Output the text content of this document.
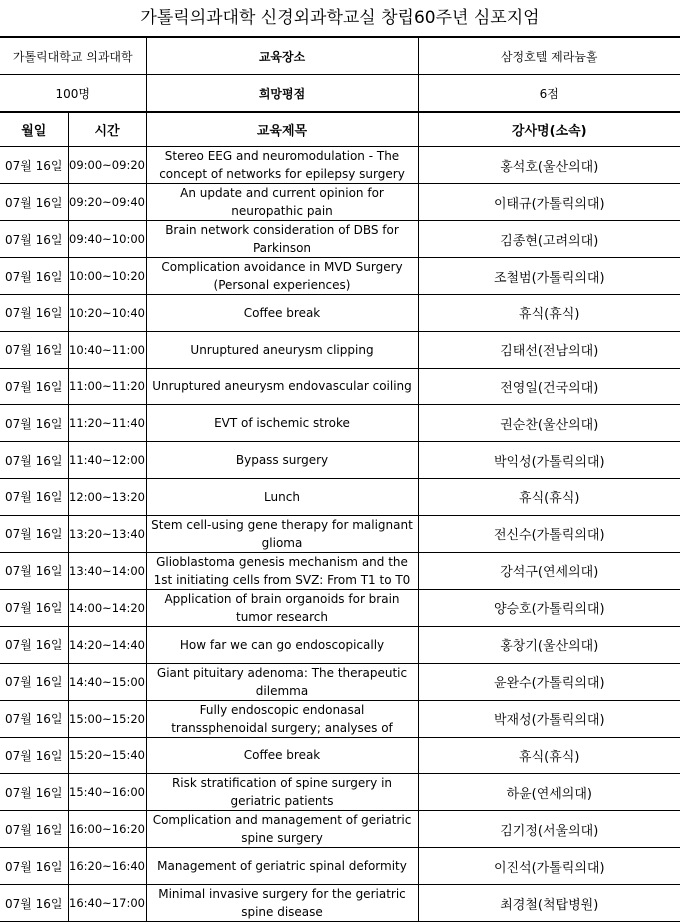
가톨릭의과대학 신경외과학교실 창립60주년 심포지엄
가톨릭대학교 의과대학	교육장소	삼정호텔 제라늄홀
100명	희망평점	6점
월일	시간	교육제목	강사명(소속)
07월 16일	09:00~09:20	Stereo EEG and neuromodulation - The concept of networks for epilepsy surgery	홍석호(울산의대)
07월 16일	09:20~09:40	An update and current opinion for neuropathic pain	이태규(가톨릭의대)
07월 16일	09:40~10:00	Brain network consideration of DBS for Parkinson	김종현(고려의대)
07월 16일	10:00~10:20	Complication avoidance in MVD Surgery (Personal experiences)	조철범(가톨릭의대)
07월 16일	10:20~10:40	Coffee break	휴식(휴식)
07월 16일	10:40~11:00	Unruptured aneurysm clipping	김태선(전남의대)
07월 16일	11:00~11:20	Unruptured aneurysm endovascular coiling	전영일(건국의대)
07월 16일	11:20~11:40	EVT of ischemic stroke	권순찬(울산의대)
07월 16일	11:40~12:00	Bypass surgery	박익성(가톨릭의대)
07월 16일	12:00~13:20	Lunch	휴식(휴식)
07월 16일	13:20~13:40	Stem cell-using gene therapy for malignant glioma	전신수(가톨릭의대)
07월 16일	13:40~14:00	Glioblastoma genesis mechanism and the 1st initiating cells from SVZ: From T1 to T0	강석구(연세의대)
07월 16일	14:00~14:20	Application of brain organoids for brain tumor research	양승호(가톨릭의대)
07월 16일	14:20~14:40	How far we can go endoscopically	홍창기(울산의대)
07월 16일	14:40~15:00	Giant pituitary adenoma: The therapeutic dilemma	윤완수(가톨릭의대)
07월 16일	15:00~15:20	Fully endoscopic endonasal transsphenoidal surgery; analyses of	박재성(가톨릭의대)
07월 16일	15:20~15:40	Coffee break	휴식(휴식)
07월 16일	15:40~16:00	Risk stratification of spine surgery in geriatric patients	하윤(연세의대)
07월 16일	16:00~16:20	Complication and management of geriatric spine surgery	김기정(서울의대)
07월 16일	16:20~16:40	Management of geriatric spinal deformity	이진석(가톨릭의대)
07월 16일	16:40~17:00	Minimal invasive surgery for the geriatric spine disease	최경철(척탑병원)
